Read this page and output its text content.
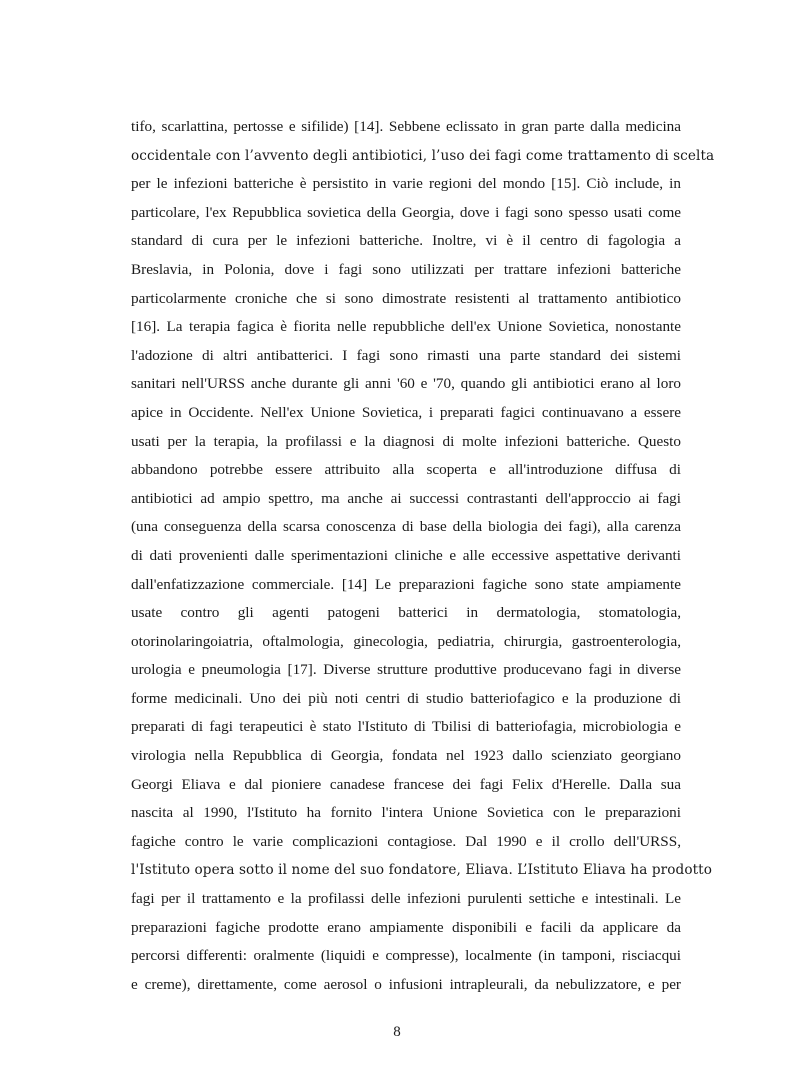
tifo, scarlattina, pertosse e sifilide) [14]. Sebbene eclissato in gran parte dalla medicina
occidentale con l’avvento degli antibiotici, l’uso dei fagi come trattamento di scelta
per le infezioni batteriche è persistito in varie regioni del mondo [15]. Ciò include, in
particolare, l'ex Repubblica sovietica della Georgia, dove i fagi sono spesso usati come
standard di cura per le infezioni batteriche. Inoltre, vi è il centro di fagologia a
Breslavia, in Polonia, dove i fagi sono utilizzati per trattare infezioni batteriche
particolarmente croniche che si sono dimostrate resistenti al trattamento antibiotico
[16]. La terapia fagica è fiorita nelle repubbliche dell'ex Unione Sovietica, nonostante
l'adozione di altri antibatterici. I fagi sono rimasti una parte standard dei sistemi
sanitari nell'URSS anche durante gli anni '60 e '70, quando gli antibiotici erano al loro
apice in Occidente. Nell'ex Unione Sovietica, i preparati fagici continuavano a essere
usati per la terapia, la profilassi e la diagnosi di molte infezioni batteriche. Questo
abbandono potrebbe essere attribuito alla scoperta e all'introduzione diffusa di
antibiotici ad ampio spettro, ma anche ai successi contrastanti dell'approccio ai fagi
(una conseguenza della scarsa conoscenza di base della biologia dei fagi), alla carenza
di dati provenienti dalle sperimentazioni cliniche e alle eccessive aspettative derivanti
dall'enfatizzazione commerciale. [14] Le preparazioni fagiche sono state ampiamente
usate contro gli agenti patogeni batterici in dermatologia, stomatologia,
otorinolaringoiatria, oftalmologia, ginecologia, pediatria, chirurgia, gastroenterologia,
urologia e pneumologia [17]. Diverse strutture produttive producevano fagi in diverse
forme medicinali. Uno dei più noti centri di studio batteriofagico e la produzione di
preparati di fagi terapeutici è stato l'Istituto di Tbilisi di batteriofagia, microbiologia e
virologia nella Repubblica di Georgia, fondata nel 1923 dallo scienziato georgiano
Georgi Eliava e dal pioniere canadese francese dei fagi Felix d'Herelle. Dalla sua
nascita al 1990, l'Istituto ha fornito l'intera Unione Sovietica con le preparazioni
fagiche contro le varie complicazioni contagiose. Dal 1990 e il crollo dell'URSS,
l'Istituto opera sotto il nome del suo fondatore, Eliava. L’Istituto Eliava ha prodotto
fagi per il trattamento e la profilassi delle infezioni purulenti settiche e intestinali. Le
preparazioni fagiche prodotte erano ampiamente disponibili e facili da applicare da
percorsi differenti: oralmente (liquidi e compresse), localmente (in tamponi, risciacqui
e creme), direttamente, come aerosol o infusioni intrapleurali, da nebulizzatore, e per
8
